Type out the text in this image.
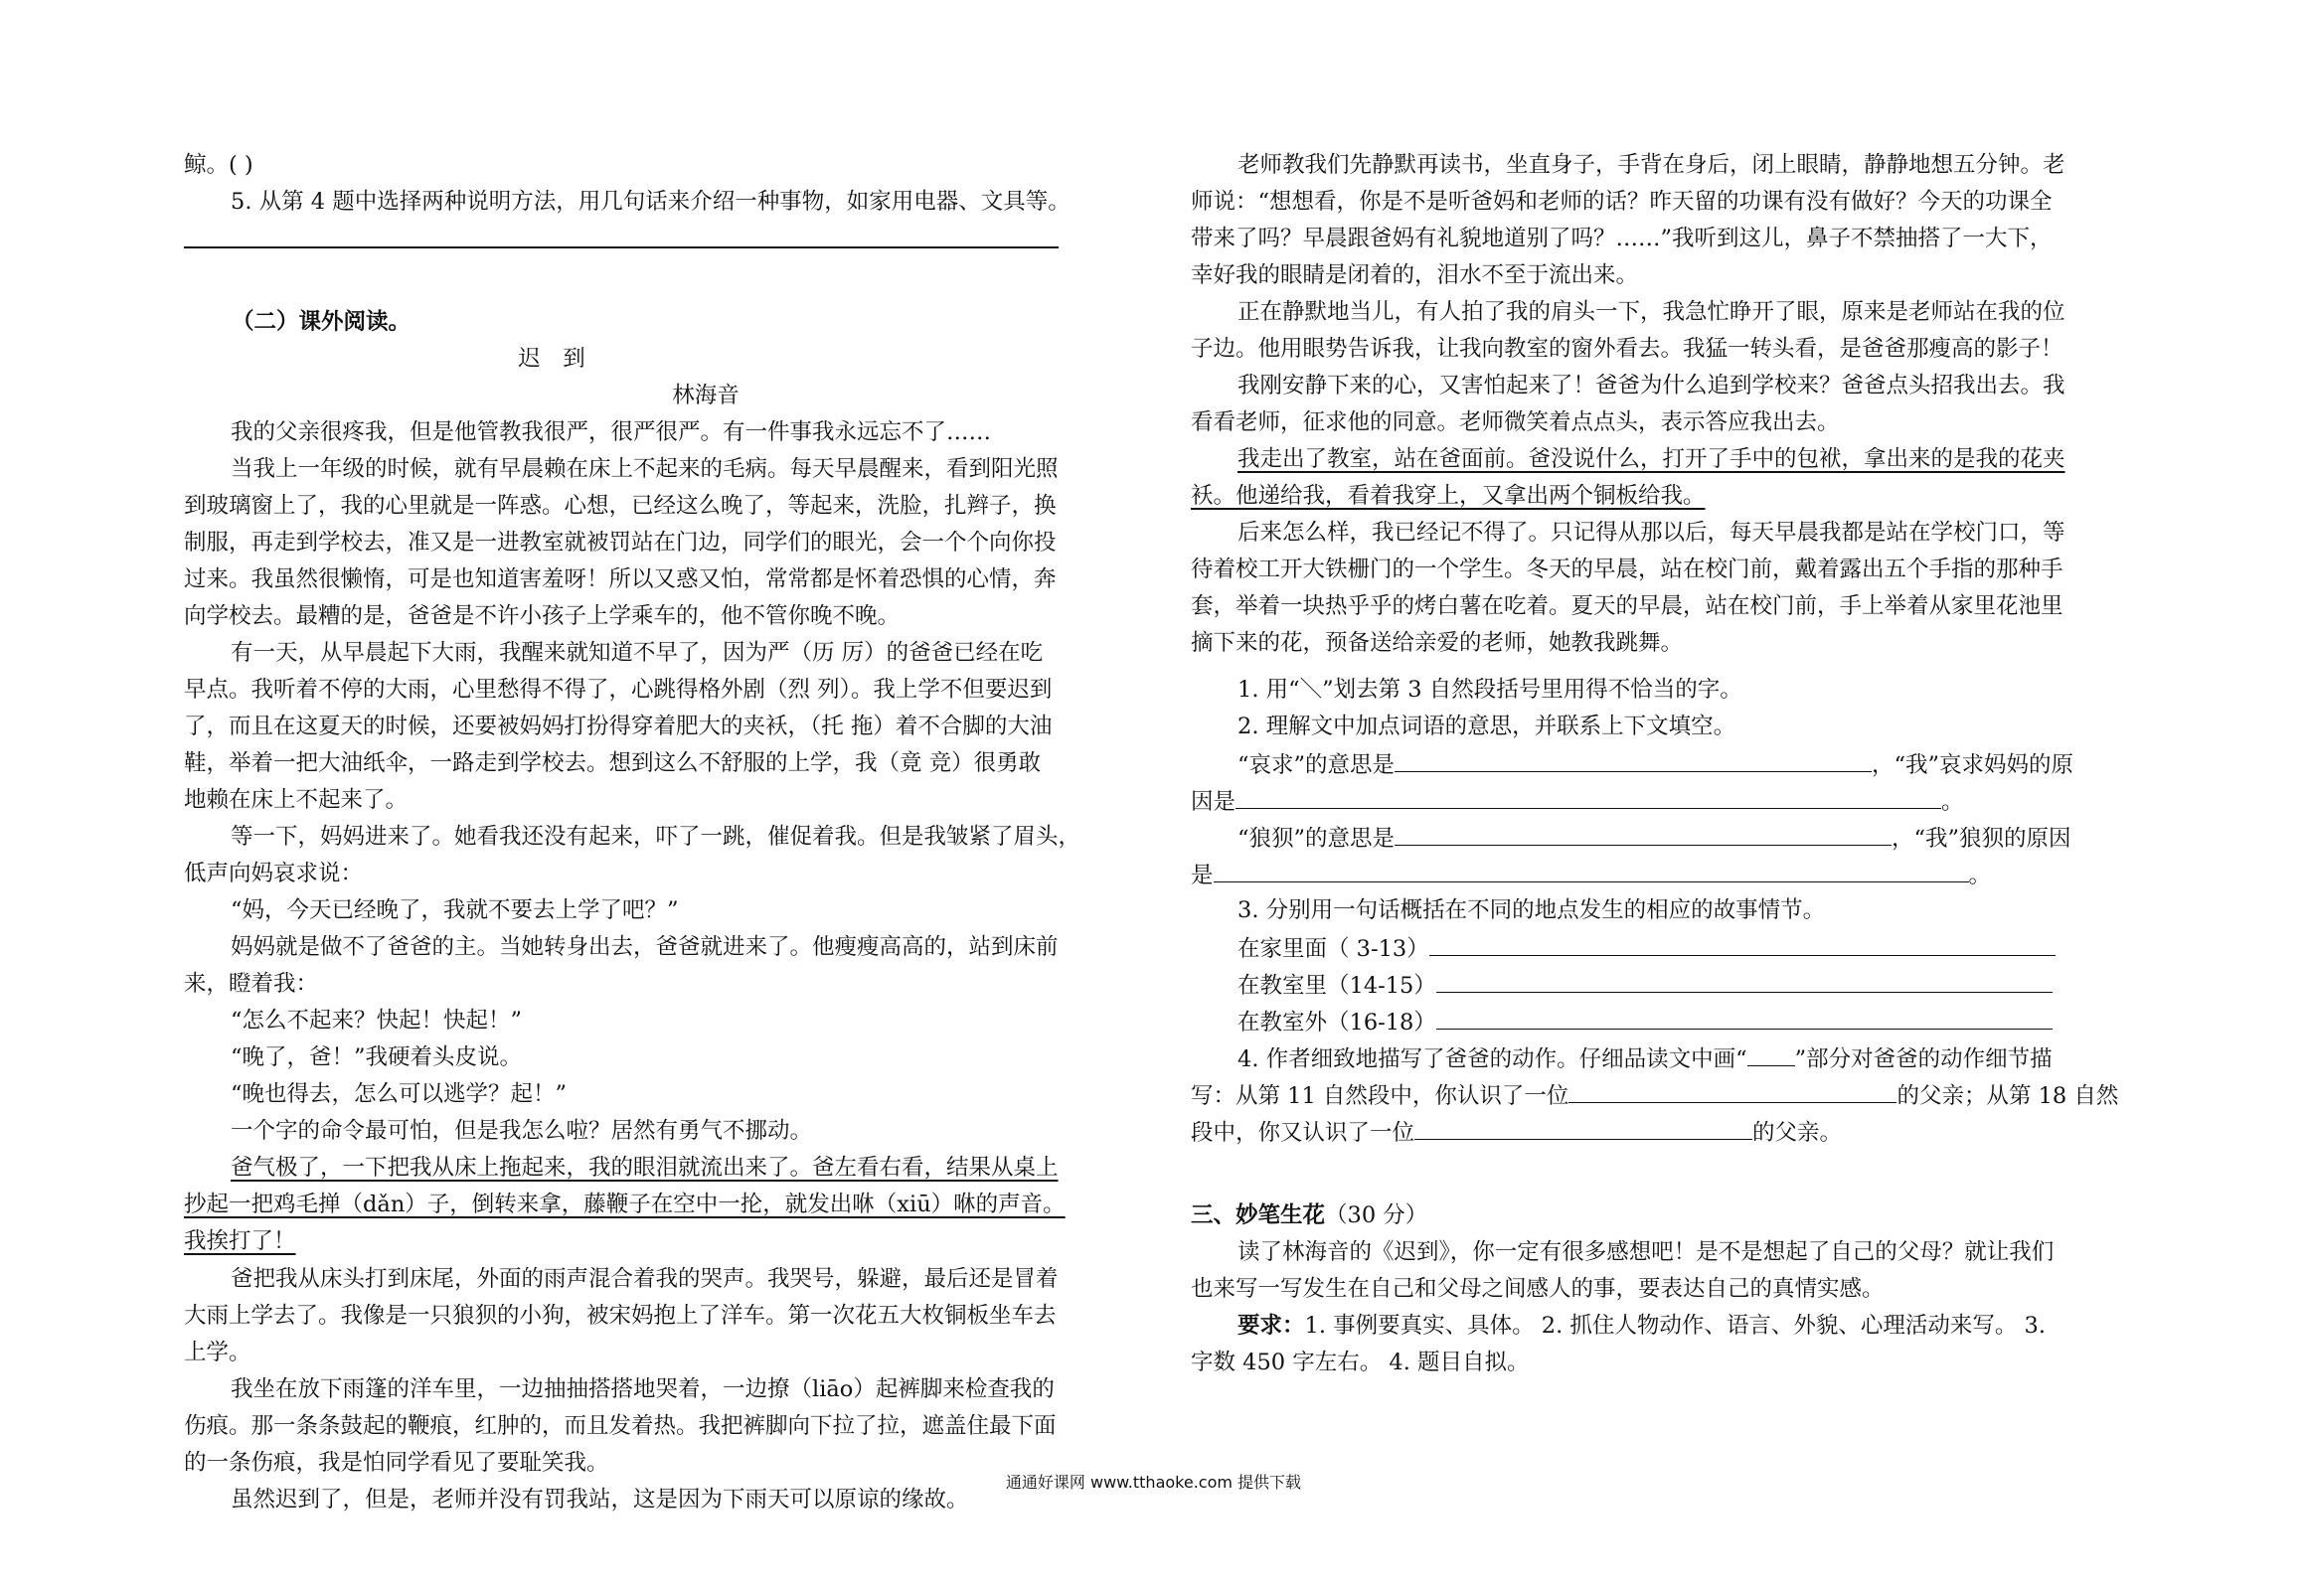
鲸。( )
5. 从第 4 题中选择两种说明方法，用几句话来介绍一种事物，如家用电器、文具等。
（二）课外阅读。
迟　到
林海音
我的父亲很疼我，但是他管教我很严，很严很严。有一件事我永远忘不了……
当我上一年级的时候，就有早晨赖在床上不起来的毛病。每天早晨醒来，看到阳光照
到玻璃窗上了，我的心里就是一阵惑。心想，已经这么晚了，等起来，洗脸，扎辫子，换
制服，再走到学校去，准又是一进教室就被罚站在门边，同学们的眼光，会一个个向你投
过来。我虽然很懒惰，可是也知道害羞呀！所以又惑又怕，常常都是怀着恐惧的心情，奔
向学校去。最糟的是，爸爸是不许小孩子上学乘车的，他不管你晚不晚。
有一天，从早晨起下大雨，我醒来就知道不早了，因为严（历 厉）的爸爸已经在吃
早点。我听着不停的大雨，心里愁得不得了，心跳得格外剧（烈 列）。我上学不但要迟到
了，而且在这夏天的时候，还要被妈妈打扮得穿着肥大的夹袄，（托 拖）着不合脚的大油
鞋，举着一把大油纸伞，一路走到学校去。想到这么不舒服的上学，我（竟 竞）很勇敢
地赖在床上不起来了。
等一下，妈妈进来了。她看我还没有起来，吓了一跳，催促着我。但是我皱紧了眉头，
低声向妈哀求说：
“妈，今天已经晚了，我就不要去上学了吧？”
妈妈就是做不了爸爸的主。当她转身出去，爸爸就进来了。他瘦瘦高高的，站到床前
来，瞪着我：
“怎么不起来？快起！快起！”
“晚了，爸！”我硬着头皮说。
“晚也得去，怎么可以逃学？起！”
一个字的命令最可怕，但是我怎么啦？居然有勇气不挪动。
爸气极了，一下把我从床上拖起来，我的眼泪就流出来了。爸左看右看，结果从桌上
抄起一把鸡毛掸（dǎn）子，倒转来拿，藤鞭子在空中一抡，就发出咻（xiū）咻的声音。
我挨打了！
爸把我从床头打到床尾，外面的雨声混合着我的哭声。我哭号，躲避，最后还是冒着
大雨上学去了。我像是一只狼狈的小狗，被宋妈抱上了洋车。第一次花五大枚铜板坐车去
上学。
我坐在放下雨篷的洋车里，一边抽抽搭搭地哭着，一边撩（liāo）起裤脚来检查我的
伤痕。那一条条鼓起的鞭痕，红肿的，而且发着热。我把裤脚向下拉了拉，遮盖住最下面
的一条伤痕，我是怕同学看见了要耻笑我。
虽然迟到了，但是，老师并没有罚我站，这是因为下雨天可以原谅的缘故。
老师教我们先静默再读书，坐直身子，手背在身后，闭上眼睛，静静地想五分钟。老
师说：“想想看，你是不是听爸妈和老师的话？昨天留的功课有没有做好？今天的功课全
带来了吗？早晨跟爸妈有礼貌地道别了吗？……”我听到这儿，鼻子不禁抽搭了一大下，
幸好我的眼睛是闭着的，泪水不至于流出来。
正在静默地当儿，有人拍了我的肩头一下，我急忙睁开了眼，原来是老师站在我的位
子边。他用眼势告诉我，让我向教室的窗外看去。我猛一转头看，是爸爸那瘦高的影子！
我刚安静下来的心，又害怕起来了！爸爸为什么追到学校来？爸爸点头招我出去。我
看看老师，征求他的同意。老师微笑着点点头，表示答应我出去。
我走出了教室，站在爸面前。爸没说什么，打开了手中的包袱，拿出来的是我的花夹
袄。他递给我，看着我穿上，又拿出两个铜板给我。
后来怎么样，我已经记不得了。只记得从那以后，每天早晨我都是站在学校门口，等
待着校工开大铁栅门的一个学生。冬天的早晨，站在校门前，戴着露出五个手指的那种手
套，举着一块热乎乎的烤白薯在吃着。夏天的早晨，站在校门前，手上举着从家里花池里
摘下来的花，预备送给亲爱的老师，她教我跳舞。
1. 用“＼”划去第 3 自然段括号里用得不恰当的字。
2. 理解文中加点词语的意思，并联系上下文填空。
“哀求”的意思是	，“我”哀求妈妈的原
因是	。
“狼狈”的意思是	，“我”狼狈的原因
是	。
3. 分别用一句话概括在不同的地点发生的相应的故事情节。
在家里面（ 3-13）
在教室里（14-15）
在教室外（16-18）
4. 作者细致地描写了爸爸的动作。仔细品读文中画“ ”部分对爸爸的动作细节描
写：从第 11 自然段中，你认识了一位	的父亲；从第 18 自然
段中，你又认识了一位	的父亲。
三、妙笔生花（30 分）
读了林海音的《迟到》，你一定有很多感想吧！是不是想起了自己的父母？就让我们
也来写一写发生在自己和父母之间感人的事，要表达自己的真情实感。
要求：1. 事例要真实、具体。 2. 抓住人物动作、语言、外貌、心理活动来写。 3.
字数 450 字左右。 4. 题目自拟。
通通好课网 www.tthaoke.com 提供下载
